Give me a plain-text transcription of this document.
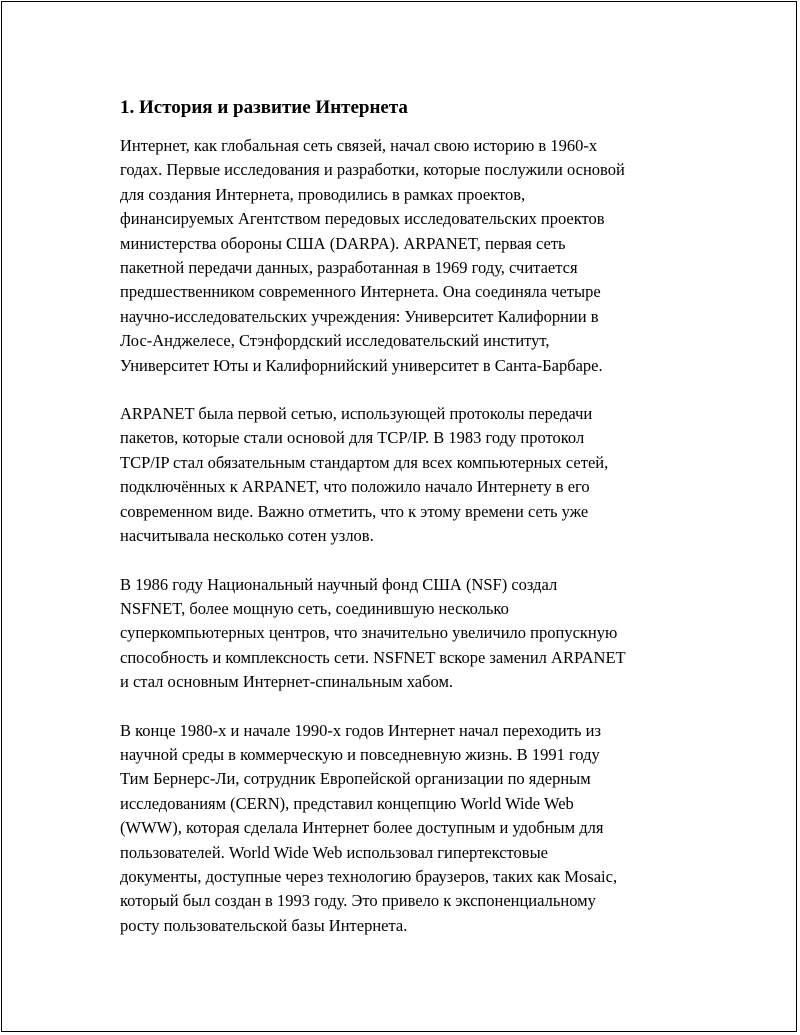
1. История и развитие Интернета

Интернет, как глобальная сеть связей, начал свою историю в 1960-х
годах. Первые исследования и разработки, которые послужили основой
для создания Интернета, проводились в рамках проектов,
финансируемых Агентством передовых исследовательских проектов
министерства обороны США (DARPA). ARPANET, первая сеть
пакетной передачи данных, разработанная в 1969 году, считается
предшественником современного Интернета. Она соединяла четыре
научно-исследовательских учреждения: Университет Калифорнии в
Лос-Анджелесе, Стэнфордский исследовательский институт,
Университет Юты и Калифорнийский университет в Санта-Барбаре.

ARPANET была первой сетью, использующей протоколы передачи
пакетов, которые стали основой для TCP/IP. В 1983 году протокол
TCP/IP стал обязательным стандартом для всех компьютерных сетей,
подключённых к ARPANET, что положило начало Интернету в его
современном виде. Важно отметить, что к этому времени сеть уже
насчитывала несколько сотен узлов.

В 1986 году Национальный научный фонд США (NSF) создал
NSFNET, более мощную сеть, соединившую несколько
суперкомпьютерных центров, что значительно увеличило пропускную
способность и комплексность сети. NSFNET вскоре заменил ARPANET
и стал основным Интернет-спинальным хабом.

В конце 1980-х и начале 1990-х годов Интернет начал переходить из
научной среды в коммерческую и повседневную жизнь. В 1991 году
Тим Бернерс-Ли, сотрудник Европейской организации по ядерным
исследованиям (CERN), представил концепцию World Wide Web
(WWW), которая сделала Интернет более доступным и удобным для
пользователей. World Wide Web использовал гипертекстовые
документы, доступные через технологию браузеров, таких как Mosaic,
который был создан в 1993 году. Это привело к экспоненциальному
росту пользовательской базы Интернета.
